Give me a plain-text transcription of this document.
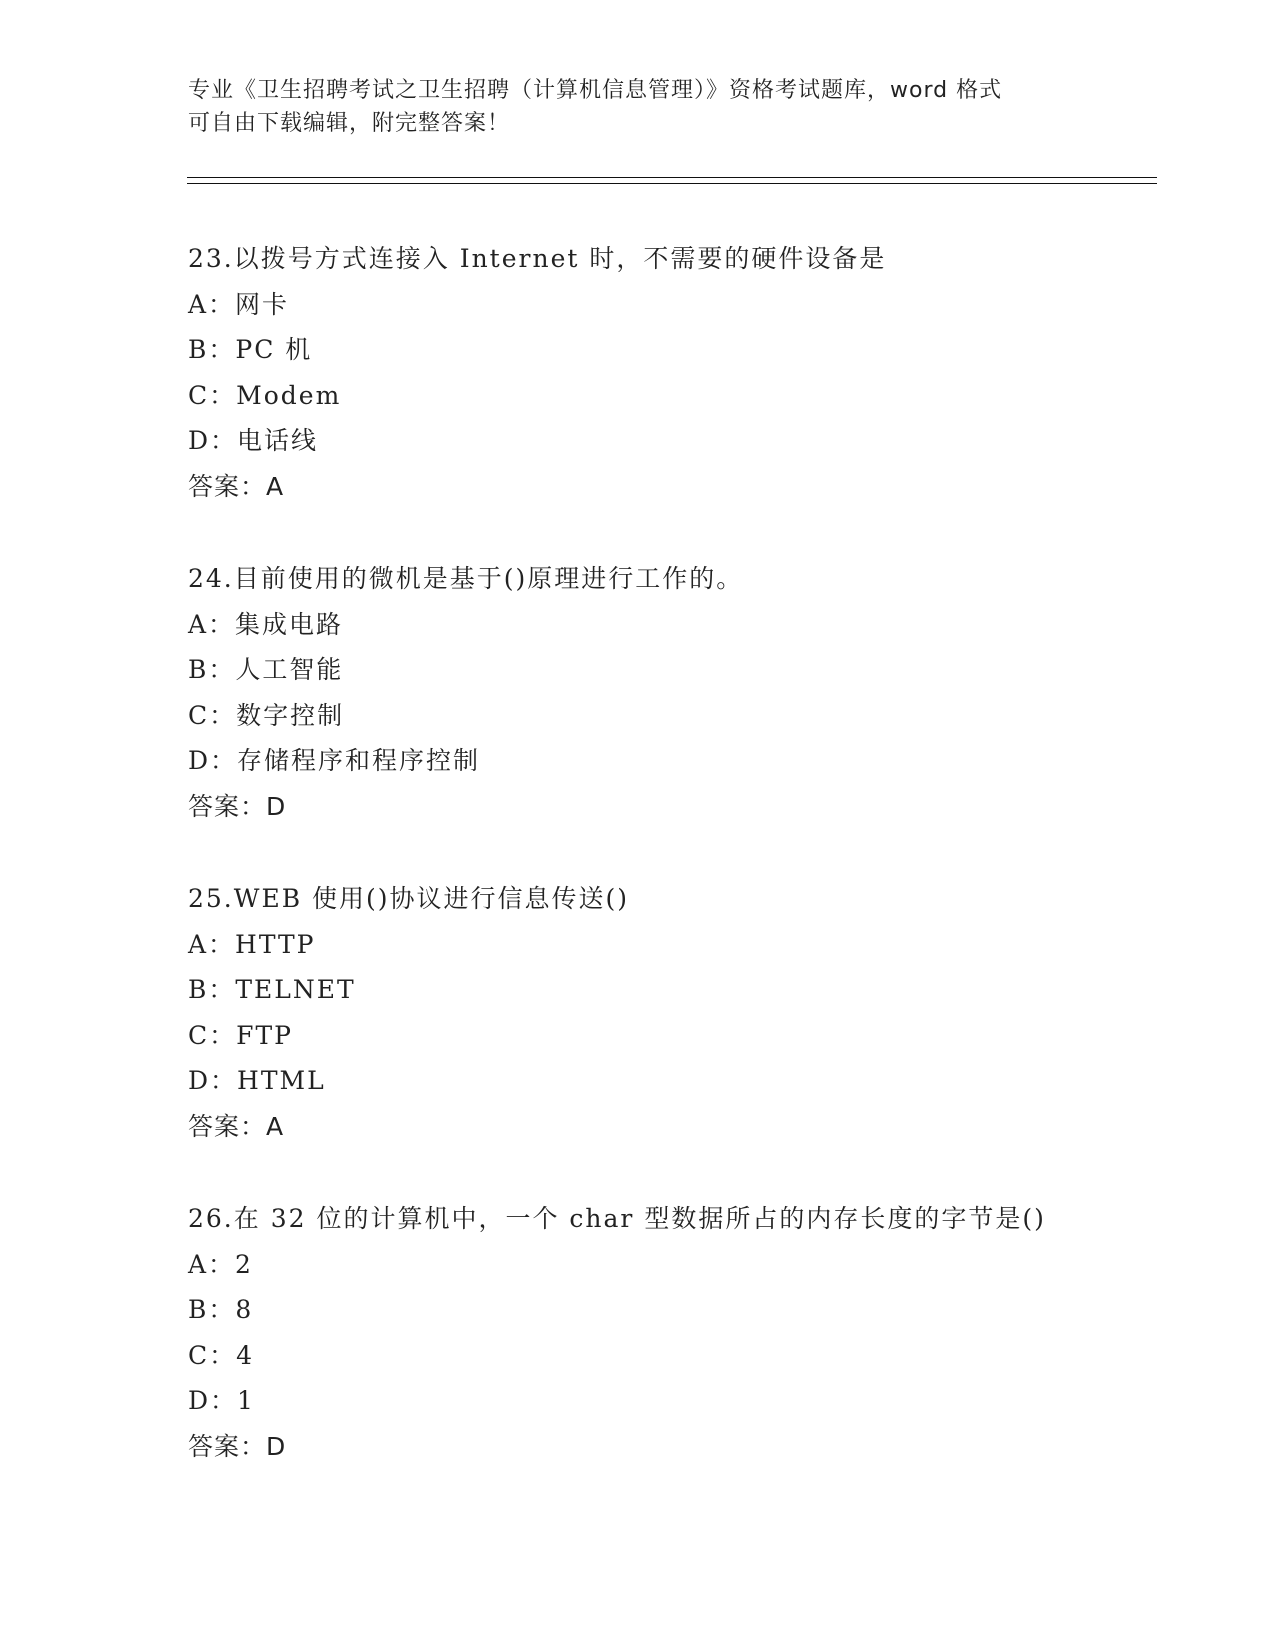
专业《卫生招聘考试之卫生招聘（计算机信息管理）》资格考试题库，word 格式
可自由下载编辑，附完整答案！
23.以拨号方式连接入 Internet 时，不需要的硬件设备是
A：网卡
B：PC 机
C：Modem
D：电话线
答案：A
24.目前使用的微机是基于()原理进行工作的。
A：集成电路
B：人工智能
C：数字控制
D：存储程序和程序控制
答案：D
25.WEB 使用()协议进行信息传送()
A：HTTP
B：TELNET
C：FTP
D：HTML
答案：A
26.在 32 位的计算机中，一个 char 型数据所占的内存长度的字节是()
A：2
B：8
C：4
D：1
答案：D
